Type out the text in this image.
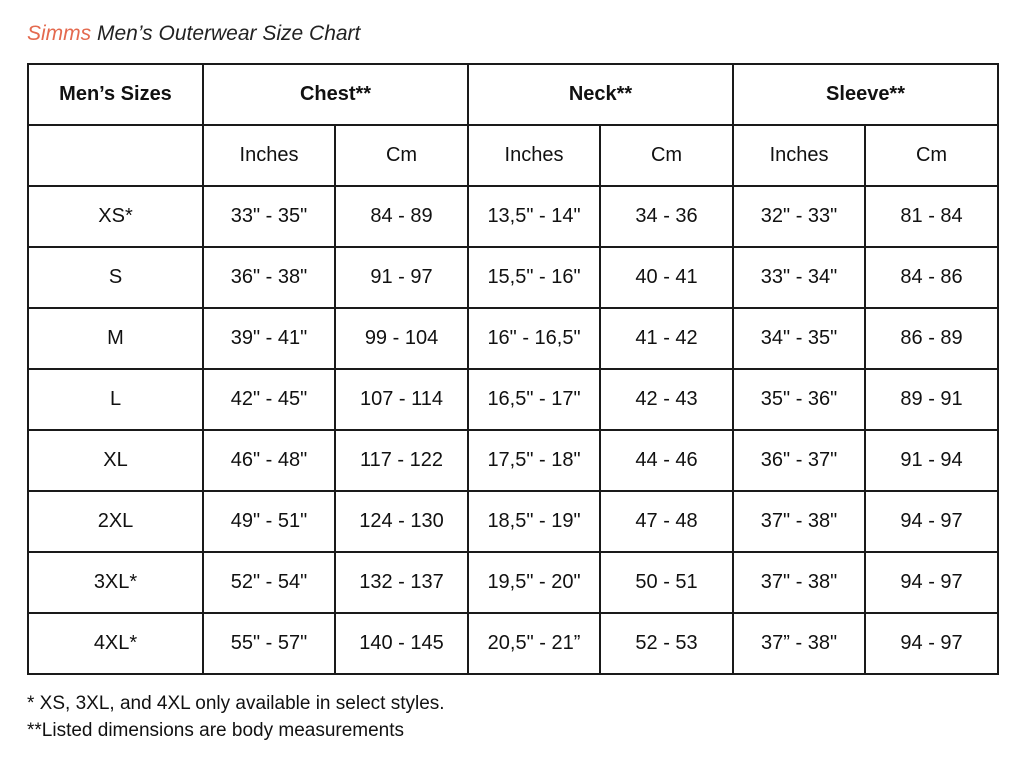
Simms Men’s Outerwear Size Chart
Men’s Sizes	Chest**		Neck**		Sleeve**	
	Inches	Cm	Inches	Cm	Inches	Cm
XS*	33" - 35"	84 - 89	13,5" - 14"	34 - 36	32" - 33"	81 - 84
S	36" - 38"	91 - 97	15,5" - 16"	40 - 41	33" - 34"	84 - 86
M	39" - 41"	99 - 104	16" - 16,5"	41 - 42	34" - 35"	86 - 89
L	42" - 45"	107 - 114	16,5" - 17"	42 - 43	35" - 36"	89 - 91
XL	46" - 48"	117 - 122	17,5" - 18"	44 - 46	36" - 37"	91 - 94
2XL	49" - 51"	124 - 130	18,5" - 19"	47 - 48	37" - 38"	94 - 97
3XL*	52" - 54"	132 - 137	19,5" - 20"	50 - 51	37" - 38"	94 - 97
4XL*	55" - 57"	140 - 145	20,5" - 21”	52 - 53	37” - 38"	94 - 97
* XS, 3XL, and 4XL only available in select styles.
**Listed dimensions are body measurements
